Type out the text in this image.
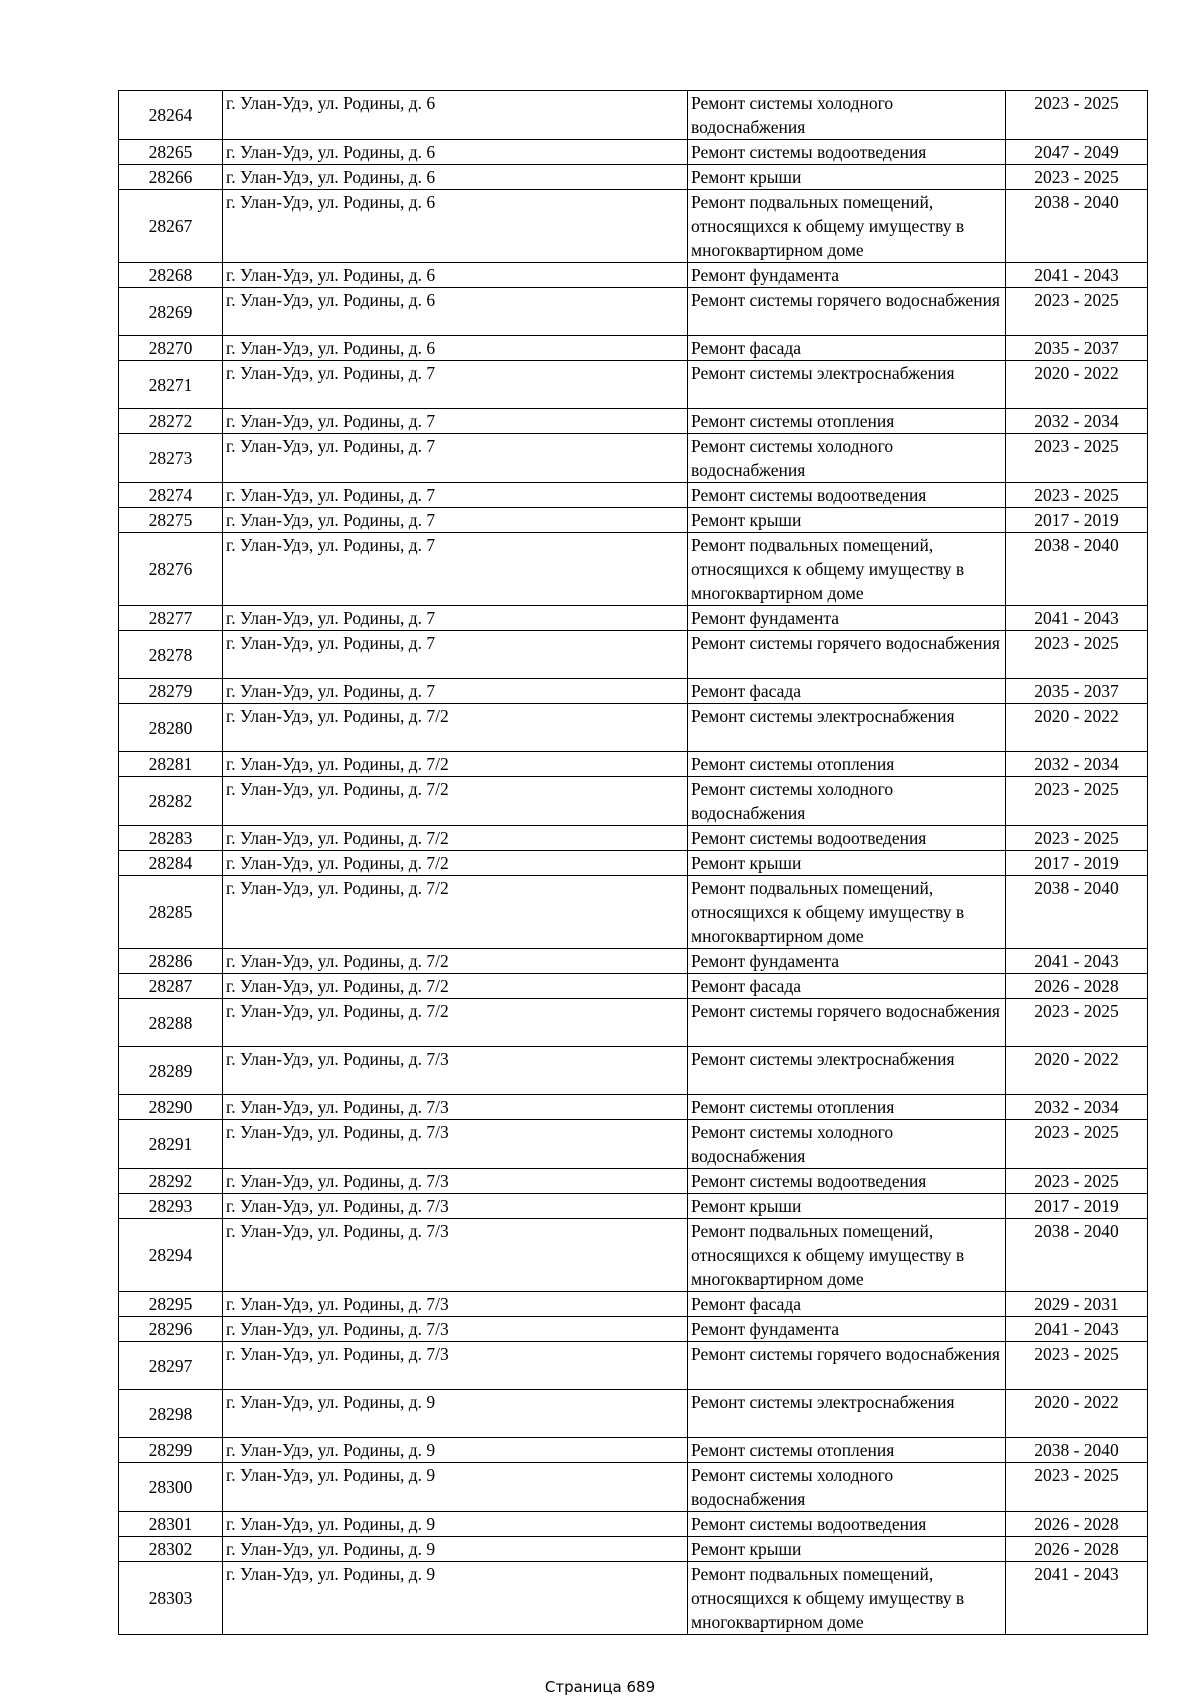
28264	г. Улан-Удэ, ул. Родины, д. 6	Ремонт системы холодного водоснабжения	2023 - 2025
28265	г. Улан-Удэ, ул. Родины, д. 6	Ремонт системы водоотведения	2047 - 2049
28266	г. Улан-Удэ, ул. Родины, д. 6	Ремонт крыши	2023 - 2025
28267	г. Улан-Удэ, ул. Родины, д. 6	Ремонт подвальных помещений, относящихся к общему имуществу в многоквартирном доме	2038 - 2040
28268	г. Улан-Удэ, ул. Родины, д. 6	Ремонт фундамента	2041 - 2043
28269	г. Улан-Удэ, ул. Родины, д. 6	Ремонт системы горячего водоснабжения	2023 - 2025
28270	г. Улан-Удэ, ул. Родины, д. 6	Ремонт фасада	2035 - 2037
28271	г. Улан-Удэ, ул. Родины, д. 7	Ремонт системы электроснабжения	2020 - 2022
28272	г. Улан-Удэ, ул. Родины, д. 7	Ремонт системы отопления	2032 - 2034
28273	г. Улан-Удэ, ул. Родины, д. 7	Ремонт системы холодного водоснабжения	2023 - 2025
28274	г. Улан-Удэ, ул. Родины, д. 7	Ремонт системы водоотведения	2023 - 2025
28275	г. Улан-Удэ, ул. Родины, д. 7	Ремонт крыши	2017 - 2019
28276	г. Улан-Удэ, ул. Родины, д. 7	Ремонт подвальных помещений, относящихся к общему имуществу в многоквартирном доме	2038 - 2040
28277	г. Улан-Удэ, ул. Родины, д. 7	Ремонт фундамента	2041 - 2043
28278	г. Улан-Удэ, ул. Родины, д. 7	Ремонт системы горячего водоснабжения	2023 - 2025
28279	г. Улан-Удэ, ул. Родины, д. 7	Ремонт фасада	2035 - 2037
28280	г. Улан-Удэ, ул. Родины, д. 7/2	Ремонт системы электроснабжения	2020 - 2022
28281	г. Улан-Удэ, ул. Родины, д. 7/2	Ремонт системы отопления	2032 - 2034
28282	г. Улан-Удэ, ул. Родины, д. 7/2	Ремонт системы холодного водоснабжения	2023 - 2025
28283	г. Улан-Удэ, ул. Родины, д. 7/2	Ремонт системы водоотведения	2023 - 2025
28284	г. Улан-Удэ, ул. Родины, д. 7/2	Ремонт крыши	2017 - 2019
28285	г. Улан-Удэ, ул. Родины, д. 7/2	Ремонт подвальных помещений, относящихся к общему имуществу в многоквартирном доме	2038 - 2040
28286	г. Улан-Удэ, ул. Родины, д. 7/2	Ремонт фундамента	2041 - 2043
28287	г. Улан-Удэ, ул. Родины, д. 7/2	Ремонт фасада	2026 - 2028
28288	г. Улан-Удэ, ул. Родины, д. 7/2	Ремонт системы горячего водоснабжения	2023 - 2025
28289	г. Улан-Удэ, ул. Родины, д. 7/3	Ремонт системы электроснабжения	2020 - 2022
28290	г. Улан-Удэ, ул. Родины, д. 7/3	Ремонт системы отопления	2032 - 2034
28291	г. Улан-Удэ, ул. Родины, д. 7/3	Ремонт системы холодного водоснабжения	2023 - 2025
28292	г. Улан-Удэ, ул. Родины, д. 7/3	Ремонт системы водоотведения	2023 - 2025
28293	г. Улан-Удэ, ул. Родины, д. 7/3	Ремонт крыши	2017 - 2019
28294	г. Улан-Удэ, ул. Родины, д. 7/3	Ремонт подвальных помещений, относящихся к общему имуществу в многоквартирном доме	2038 - 2040
28295	г. Улан-Удэ, ул. Родины, д. 7/3	Ремонт фасада	2029 - 2031
28296	г. Улан-Удэ, ул. Родины, д. 7/3	Ремонт фундамента	2041 - 2043
28297	г. Улан-Удэ, ул. Родины, д. 7/3	Ремонт системы горячего водоснабжения	2023 - 2025
28298	г. Улан-Удэ, ул. Родины, д. 9	Ремонт системы электроснабжения	2020 - 2022
28299	г. Улан-Удэ, ул. Родины, д. 9	Ремонт системы отопления	2038 - 2040
28300	г. Улан-Удэ, ул. Родины, д. 9	Ремонт системы холодного водоснабжения	2023 - 2025
28301	г. Улан-Удэ, ул. Родины, д. 9	Ремонт системы водоотведения	2026 - 2028
28302	г. Улан-Удэ, ул. Родины, д. 9	Ремонт крыши	2026 - 2028
28303	г. Улан-Удэ, ул. Родины, д. 9	Ремонт подвальных помещений, относящихся к общему имуществу в многоквартирном доме	2041 - 2043
Страница 689
